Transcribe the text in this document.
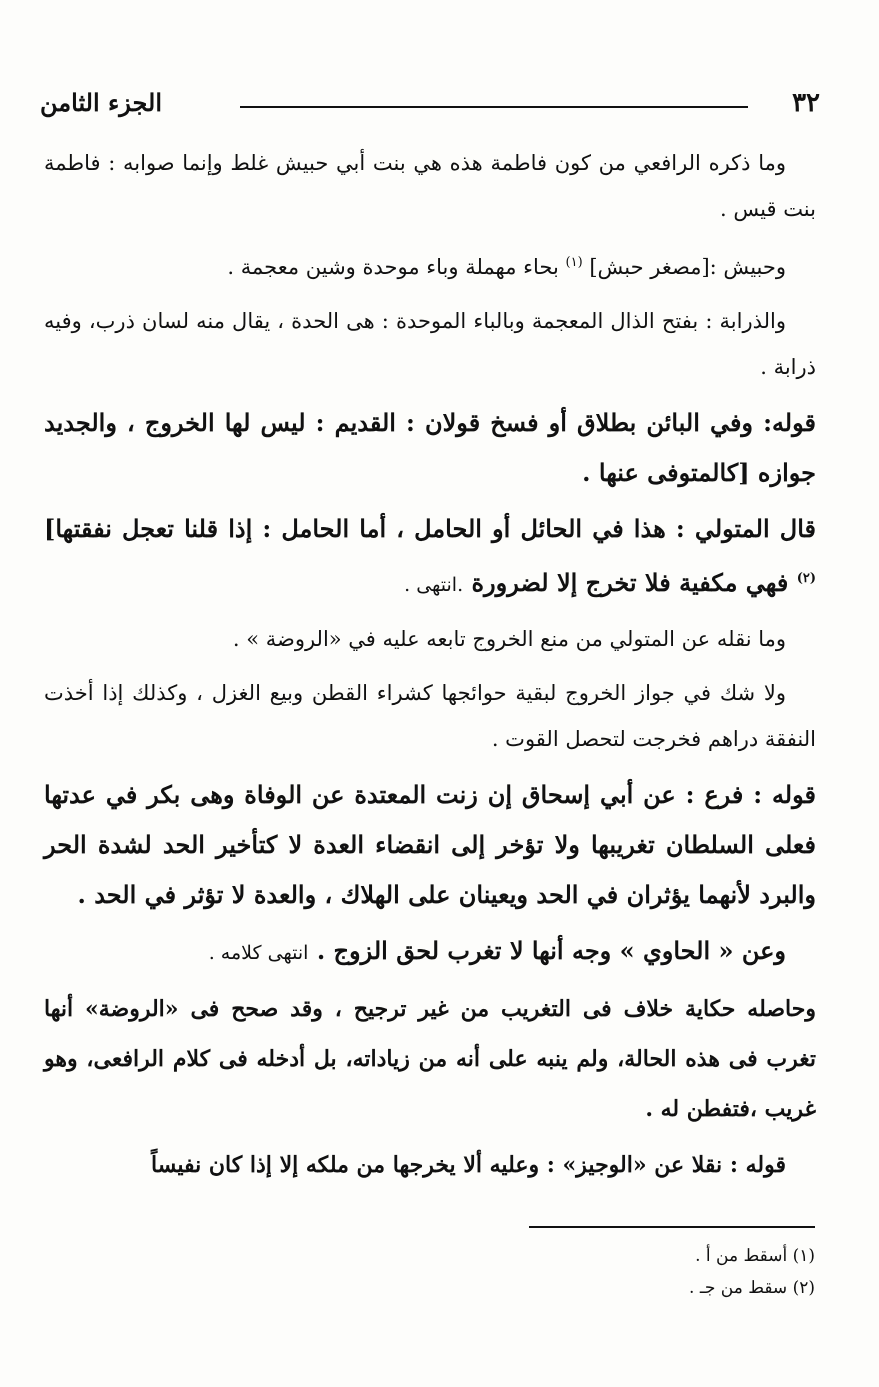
٣٢
الجزء الثامن

وما ذكره الرافعي من كون فاطمة هذه هي بنت أبي حبيش غلط وإنما صوابه : فاطمة بنت قيس .

وحبيش :[مصغر حبش] $^{(١)}$ بحاء مهملة وباء موحدة وشين معجمة .

والذرابة : بفتح الذال المعجمة وبالباء الموحدة : هى الحدة ، يقال منه لسان ذرب، وفيه ذرابة .

قوله: وفي البائن بطلاق أو فسخ قولان : القديم : ليس لها الخروج ، والجديد جوازه [كالمتوفى عنها .

قال المتولي : هذا في الحائل أو الحامل ، أما الحامل : إذا قلنا تعجل نفقتها] $^{(٢)}$ فهي مكفية فلا تخرج إلا لضرورة .انتهى .

وما نقله عن المتولي من منع الخروج تابعه عليه في «الروضة » .

ولا شك في جواز الخروج لبقية حوائجها كشراء القطن وبيع الغزل ، وكذلك إذا أخذت النفقة دراهم فخرجت لتحصل القوت .

قوله : فرع : عن أبي إسحاق إن زنت المعتدة عن الوفاة وهى بكر في عدتها فعلى السلطان تغريبها ولا تؤخر إلى انقضاء العدة لا كتأخير الحد لشدة الحر والبرد لأنهما يؤثران في الحد ويعينان على الهلاك ، والعدة لا تؤثر في الحد .

وعن « الحاوي » وجه أنها لا تغرب لحق الزوج . انتهى كلامه .

وحاصله حكاية خلاف فى التغريب من غير ترجيح ، وقد صحح فى «الروضة» أنها تغرب فى هذه الحالة، ولم ينبه على أنه من زياداته، بل أدخله فى كلام الرافعى، وهو غريب ،فتفطن له .

قوله : نقلا عن «الوجيز» : وعليه ألا يخرجها من ملكه إلا إذا كان نفيساً

(١) أسقط من أ .
(٢) سقط من جـ .
